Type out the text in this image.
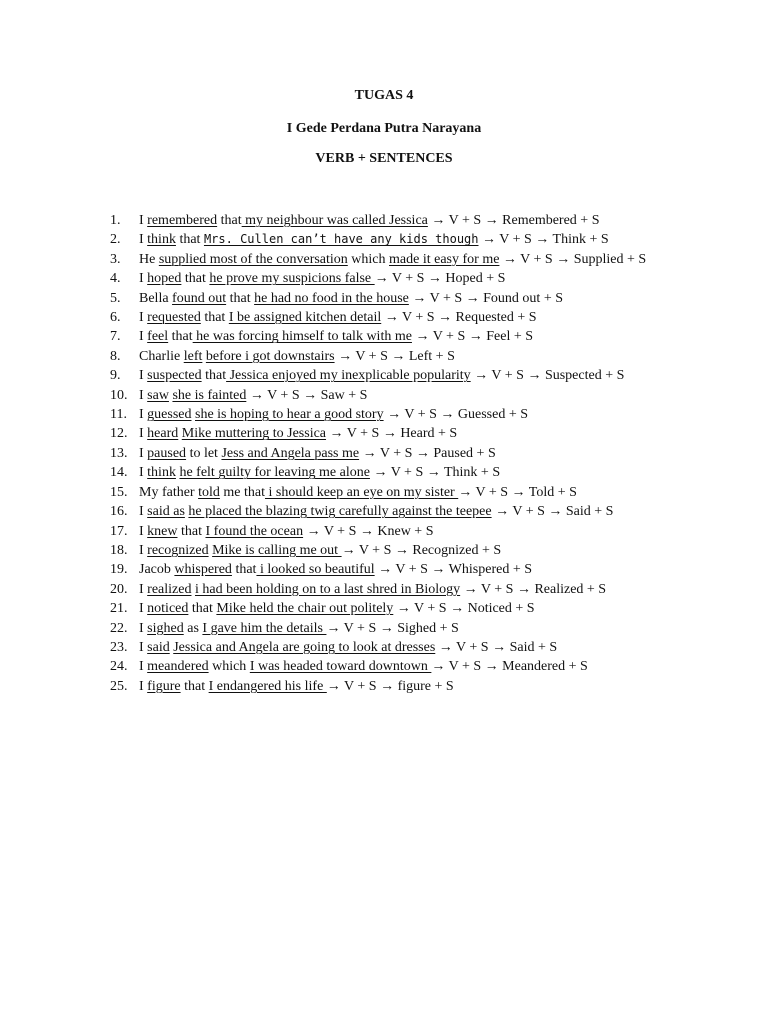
TUGAS 4
I Gede Perdana Putra Narayana
VERB + SENTENCES
1. I remembered that my neighbour was called Jessica → V + S → Remembered + S
2. I think that Mrs. Cullen can’t have any kids though → V + S → Think + S
3. He supplied most of the conversation which made it easy for me → V + S → Supplied + S
4. I hoped that he prove my suspicions false → V + S → Hoped + S
5. Bella found out that he had no food in the house → V + S → Found out + S
6. I requested that I be assigned kitchen detail → V + S → Requested + S
7. I feel that he was forcing himself to talk with me → V + S → Feel + S
8. Charlie left before i got downstairs → V + S → Left + S
9. I suspected that Jessica enjoyed my inexplicable popularity → V + S → Suspected + S
10. I saw she is fainted → V + S → Saw + S
11. I guessed she is hoping to hear a good story → V + S → Guessed + S
12. I heard Mike muttering to Jessica → V + S → Heard + S
13. I paused to let Jess and Angela pass me → V + S → Paused + S
14. I think he felt guilty for leaving me alone → V + S → Think + S
15. My father told me that i should keep an eye on my sister → V + S → Told + S
16. I said as he placed the blazing twig carefully against the teepee → V + S → Said + S
17. I knew that I found the ocean → V + S → Knew + S
18. I recognized Mike is calling me out → V + S → Recognized + S
19. Jacob whispered that i looked so beautiful → V + S → Whispered + S
20. I realized i had been holding on to a last shred in Biology → V + S → Realized + S
21. I noticed that Mike held the chair out politely → V + S → Noticed + S
22. I sighed as I gave him the details → V + S → Sighed + S
23. I said Jessica and Angela are going to look at dresses → V + S → Said + S
24. I meandered which I was headed toward downtown → V + S → Meandered + S
25. I figure that I endangered his life → V + S → figure + S
